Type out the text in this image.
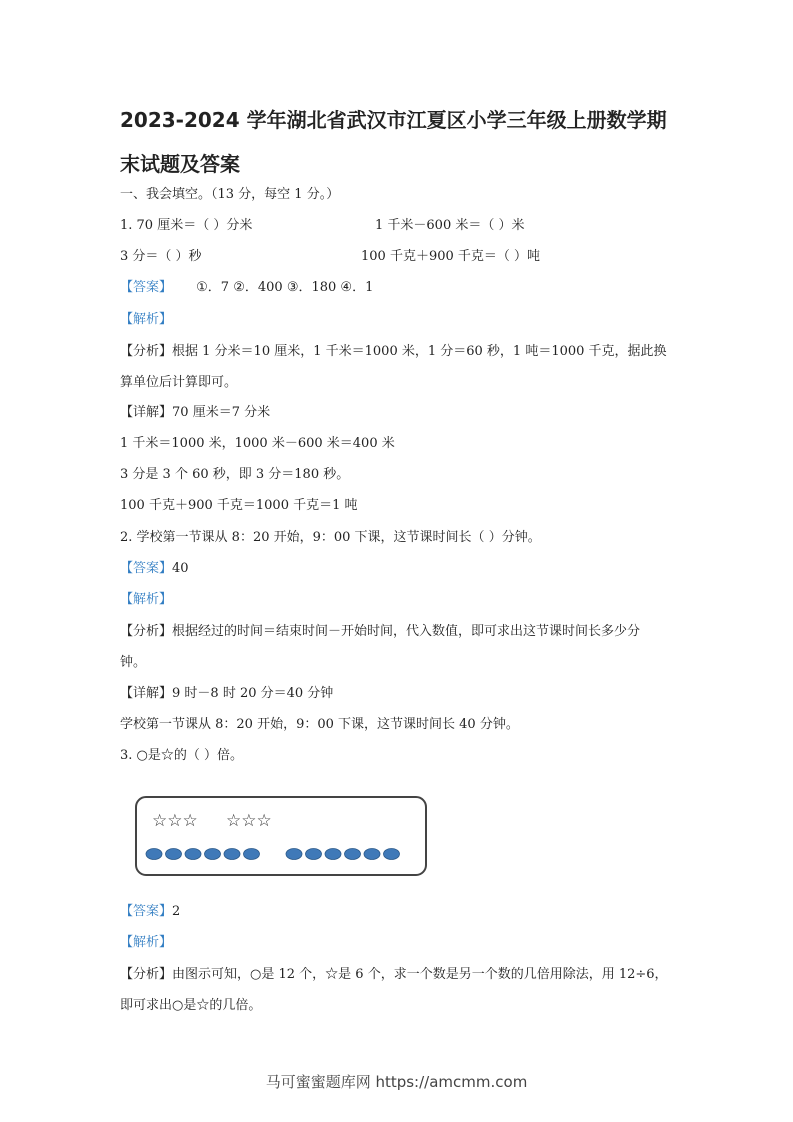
2023-2024 学年湖北省武汉市江夏区小学三年级上册数学期
末试题及答案
一、我会填空。（13 分，每空 1 分。）
1. 70 厘米＝（ ）分米	1 千米－600 米＝（ ）米
3 分＝（ ）秒	100 千克＋900 千克＝（ ）吨
【答案】 ①．7 ②．400 ③．180 ④．1
【解析】
【分析】根据 1 分米＝10 厘米，1 千米＝1000 米，1 分＝60 秒，1 吨＝1000 千克，据此换
算单位后计算即可。
【详解】70 厘米＝7 分米
1 千米＝1000 米，1000 米－600 米＝400 米
3 分是 3 个 60 秒，即 3 分＝180 秒。
100 千克＋900 千克＝1000 千克＝1 吨
2. 学校第一节课从 8：20 开始，9：00 下课，这节课时间长（ ）分钟。
【答案】40
【解析】
【分析】根据经过的时间＝结束时间－开始时间，代入数值，即可求出这节课时间长多少分
钟。
【详解】9 时－8 时 20 分＝40 分钟
学校第一节课从 8：20 开始，9：00 下课，这节课时间长 40 分钟。
3. ○是☆的（ ）倍。
☆☆☆ ☆☆☆
【答案】2
【解析】
【分析】由图示可知，○是 12 个，☆是 6 个，求一个数是另一个数的几倍用除法，用 12÷6，
即可求出○是☆的几倍。
马可蜜蜜题库网 https://amcmm.com
